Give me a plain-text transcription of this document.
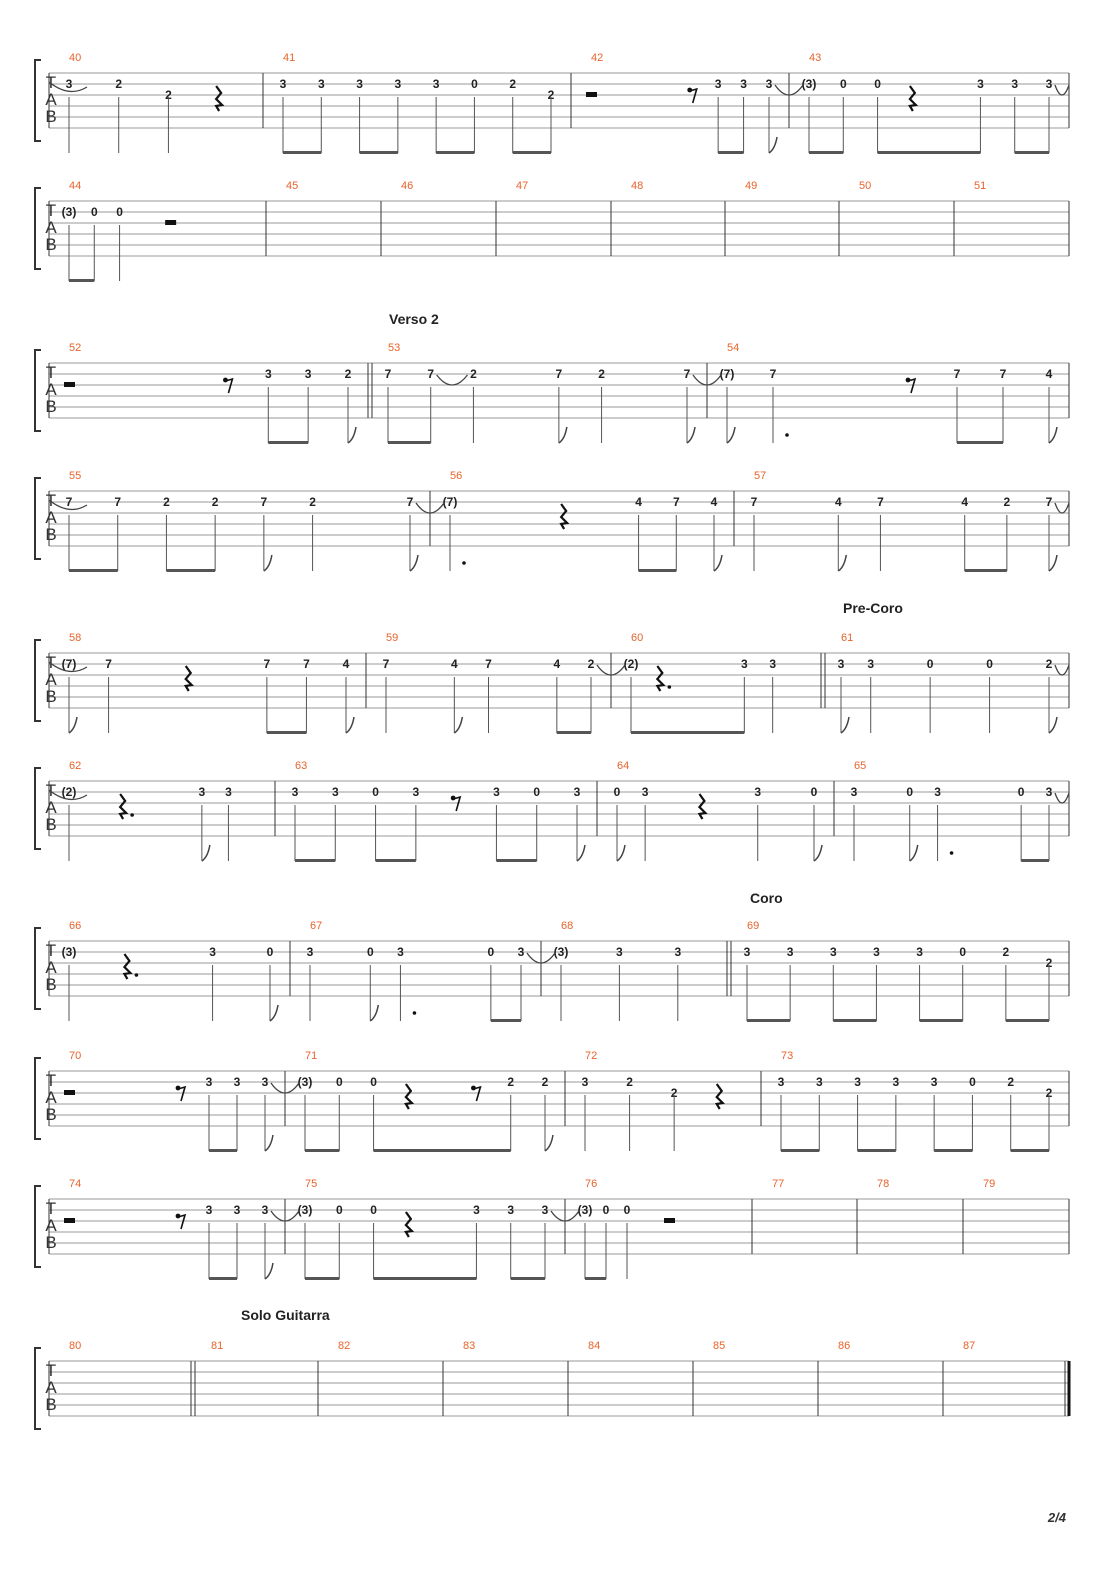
T
A
B
40
3	2
2
41
3	3	3	3	3	0	2
2
42
3 3 3
43
(3) 0 0	3 3 3
T
A
B
44
(3) 0 0
45	46	47	48	49	50	51
T
A
B
52
3	3	2
53
7	7	2	7	2	7
54
(7)	7	7	7	4
T
A
B
55
7	7	2	2	7	2	7
56
(7)	4	7	4
57
7	4	7	4	2	7
T
A
B
58
(7) 7	7	7	4
59
7	4 7	4 2
60
(2)	3 3
61
3 3	0	0	2
T
A
B
62
(2)	3 3
63
3	3	0	3	3	0	3
64
0 3	3	0
65
3	0 3	0 3
T
A
B
66
(3)	3	0
67
3	0 3	0 3
68
(3)	3	3
69
3	3	3	3	3	0	2
2
T
A
B
70
3 3 3
71
(3) 0 0	2 2
72
3	2
2
73
3	3	3	3	3	0	2
2
T
A
B
74
3 3 3
75
(3) 0 0	3 3 3
76
(3) 0 0
77	78	79
T
A
B
80	81	82	83	84	85	86	87
Verso 2
Pre-Coro
Coro
Solo Guitarra
2/4
